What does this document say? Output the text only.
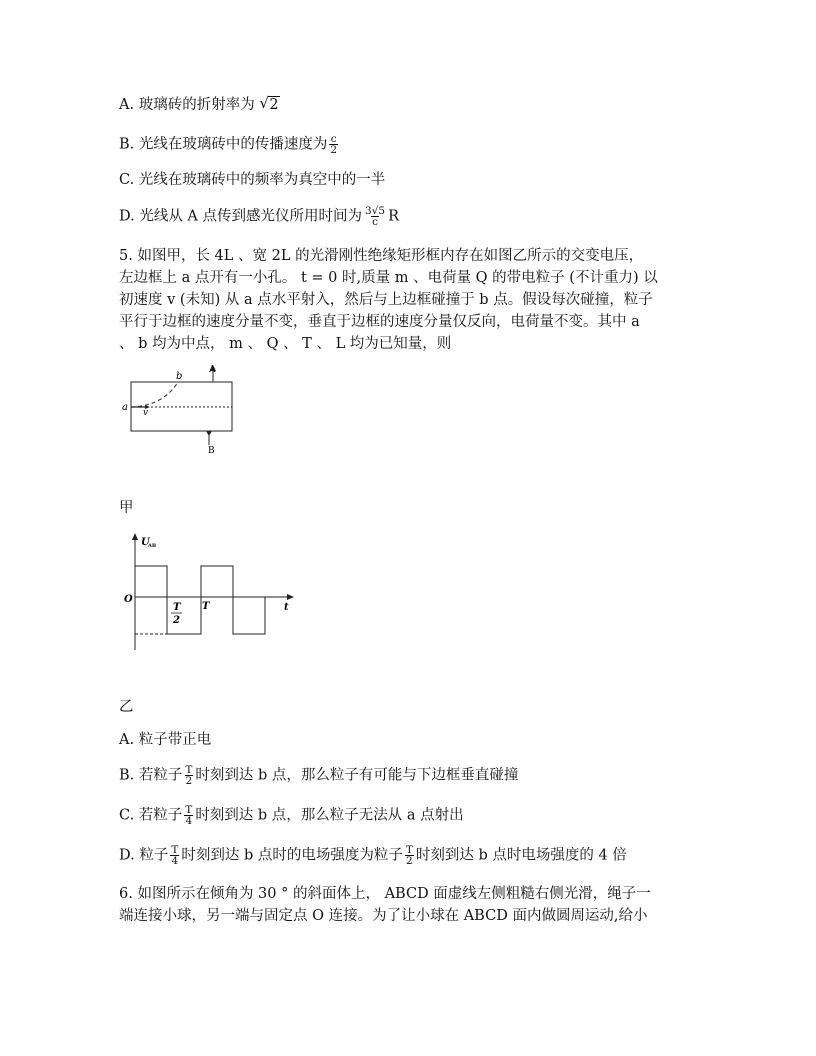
A. 玻璃砖的折射率为 √ 2
B. 光线在玻璃砖中的传播速度为 $\frac{c}{2}$
C. 光线在玻璃砖中的频率为真空中的一半
D. 光线从 A 点传到感光仪所用时间为 $\frac{3√5}{c}$ R
5. 如图甲，长 4L 、宽 2L 的光滑刚性绝缘矩形框内存在如图乙所示的交变电压，
左边框上 a 点开有一小孔。 t = 0 时,质量 m 、电荷量 Q 的带电粒子 (不计重力) 以
初速度 v (未知) 从 a 点水平射入，然后与上边框碰撞于 b 点。假设每次碰撞，粒子
平行于边框的速度分量不变，垂直于边框的速度分量仅反向，电荷量不变。其中 a
、 b 均为中点， m 、 Q 、 T 、 L 均为已知量，则
a
b
v
A
B
甲
U
AB
O
t
T
2
T
乙
A. 粒子带正电
B. 若粒子 $\frac{T}{2}$ 时刻到达 b 点，那么粒子有可能与下边框垂直碰撞
C. 若粒子 $\frac{T}{4}$ 时刻到达 b 点，那么粒子无法从 a 点射出
D. 粒子 $\frac{T}{4}$ 时刻到达 b 点时的电场强度为粒子 $\frac{T}{2}$ 时刻到达 b 点时电场强度的 4 倍
6. 如图所示在倾角为 30 ° 的斜面体上， ABCD 面虚线左侧粗糙右侧光滑，绳子一
端连接小球，另一端与固定点 O 连接。为了让小球在 ABCD 面内做圆周运动,给小
